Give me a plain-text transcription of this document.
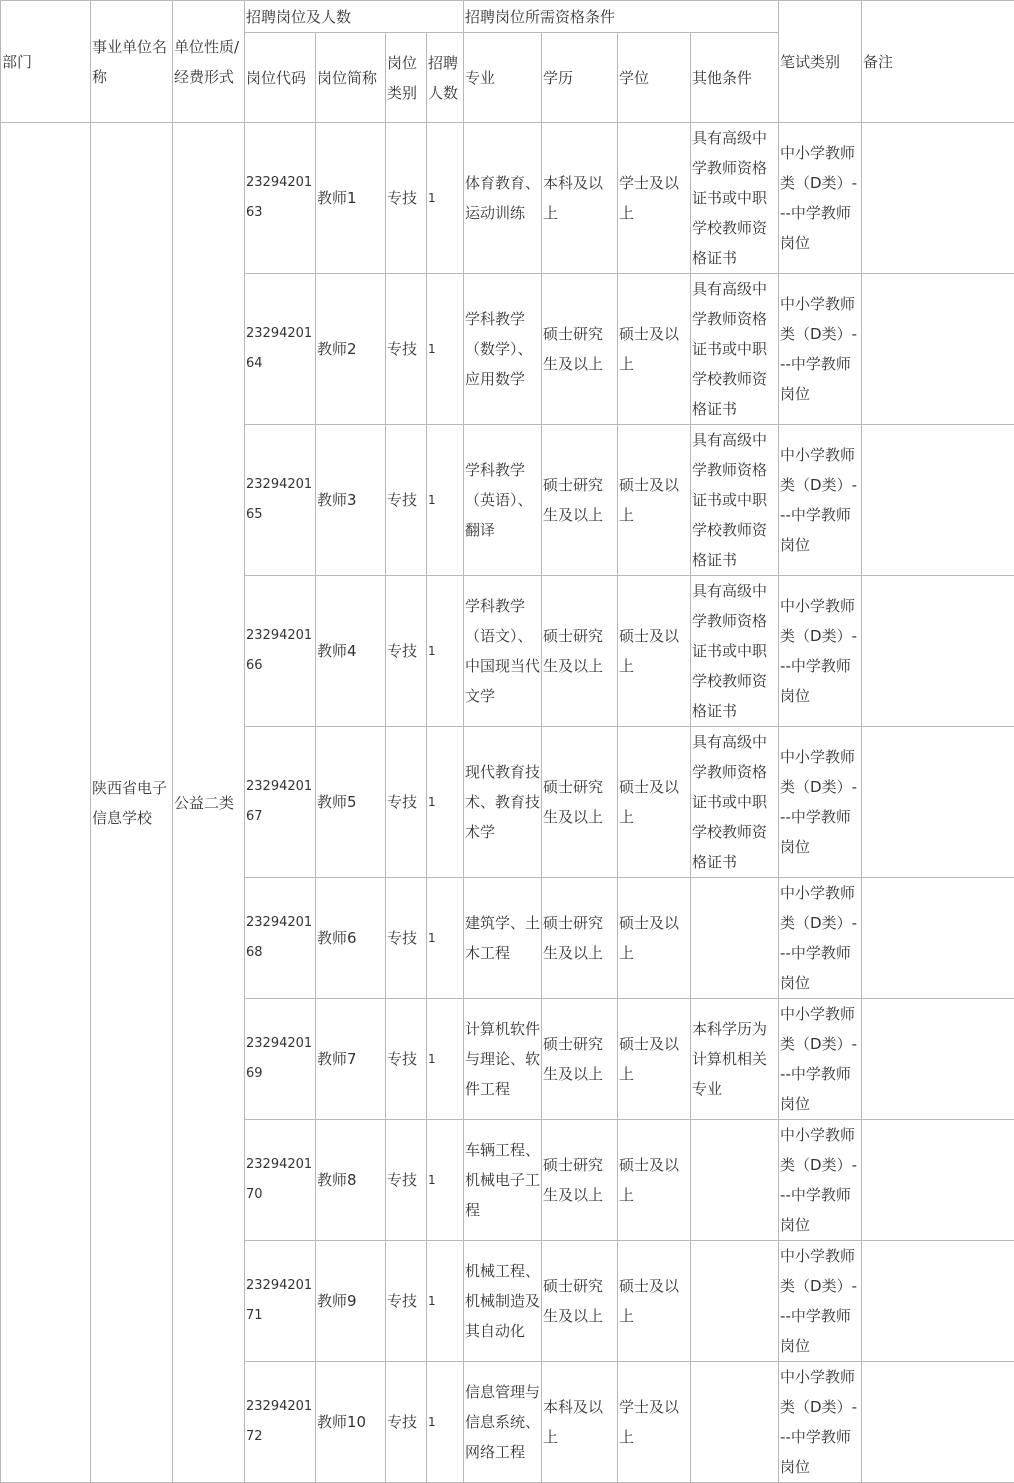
部门	事业单位名称	单位性质/经费形式	招聘岗位及人数				招聘岗位所需资格条件				笔试类别	备注
			岗位代码	岗位简称	岗位类别	招聘人数	专业	学历	学位	其他条件		
	陕西省电子信息学校	公益二类	2329420163	教师1	专技	1	体育教育、运动训练	本科及以上	学士及以上	具有高级中学教师资格证书或中职学校教师资格证书	中小学教师类（D类）---中学教师岗位	
			2329420164	教师2	专技	1	学科教学（数学）、应用数学	硕士研究生及以上	硕士及以上	具有高级中学教师资格证书或中职学校教师资格证书	中小学教师类（D类）---中学教师岗位	
			2329420165	教师3	专技	1	学科教学（英语）、翻译	硕士研究生及以上	硕士及以上	具有高级中学教师资格证书或中职学校教师资格证书	中小学教师类（D类）---中学教师岗位	
			2329420166	教师4	专技	1	学科教学（语文）、中国现当代文学	硕士研究生及以上	硕士及以上	具有高级中学教师资格证书或中职学校教师资格证书	中小学教师类（D类）---中学教师岗位	
			2329420167	教师5	专技	1	现代教育技术、教育技术学	硕士研究生及以上	硕士及以上	具有高级中学教师资格证书或中职学校教师资格证书	中小学教师类（D类）---中学教师岗位	
			2329420168	教师6	专技	1	建筑学、土木工程	硕士研究生及以上	硕士及以上		中小学教师类（D类）---中学教师岗位	
			2329420169	教师7	专技	1	计算机软件与理论、软件工程	硕士研究生及以上	硕士及以上	本科学历为计算机相关专业	中小学教师类（D类）---中学教师岗位	
			2329420170	教师8	专技	1	车辆工程、机械电子工程	硕士研究生及以上	硕士及以上		中小学教师类（D类）---中学教师岗位	
			2329420171	教师9	专技	1	机械工程、机械制造及其自动化	硕士研究生及以上	硕士及以上		中小学教师类（D类）---中学教师岗位	
			2329420172	教师10	专技	1	信息管理与信息系统、网络工程	本科及以上	学士及以上		中小学教师类（D类）---中学教师岗位	
